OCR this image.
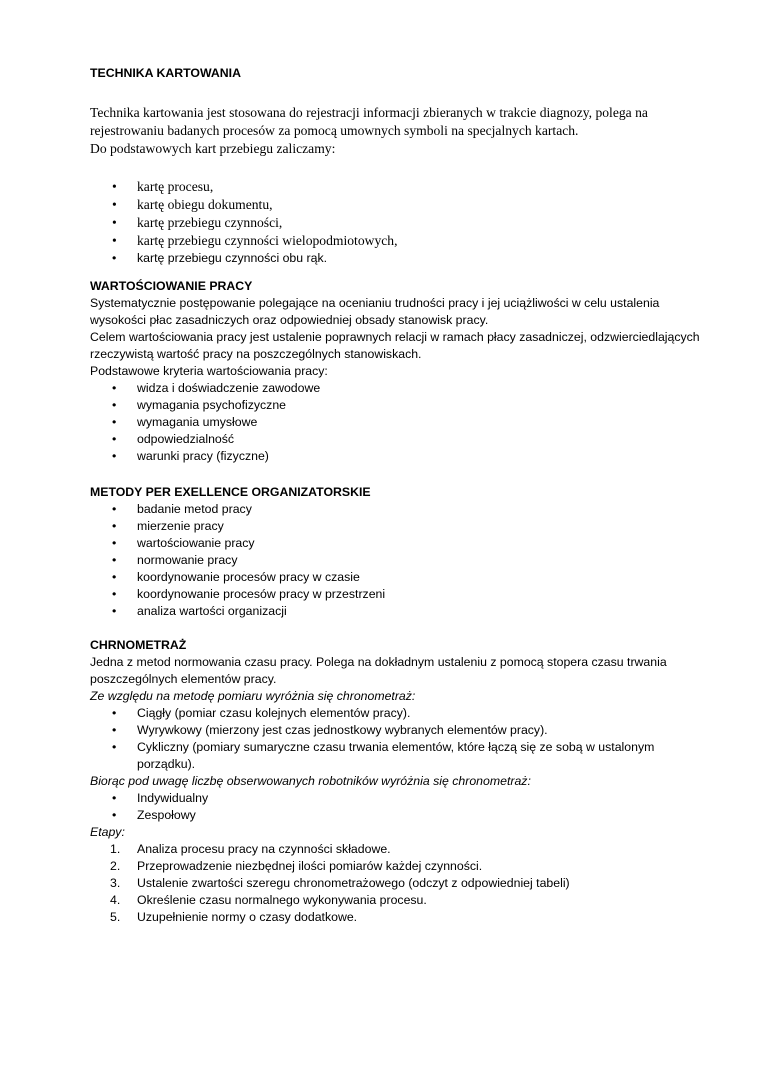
TECHNIKA KARTOWANIA

Technika kartowania jest stosowana do rejestracji informacji zbieranych w trakcie diagnozy, polega na rejestrowaniu badanych procesów za pomocą umownych symboli na specjalnych kartach.

Do podstawowych kart przebiegu zaliczamy:

• kartę procesu,
• kartę obiegu dokumentu,
• kartę przebiegu czynności,
• kartę przebiegu czynności wielopodmiotowych,
• kartę przebiegu czynności obu rąk.
WARTOŚCIOWANIE PRACY

Systematycznie postępowanie polegające na ocenianiu trudności pracy i jej uciążliwości w celu ustalenia wysokości płac zasadniczych oraz odpowiedniej obsady stanowisk pracy.

Celem wartościowania pracy jest ustalenie poprawnych relacji w ramach płacy zasadniczej, odzwierciedlających rzeczywistą wartość pracy na poszczególnych stanowiskach.

Podstawowe kryteria wartościowania pracy:

• widza i doświadczenie zawodowe
• wymagania psychofizyczne
• wymagania umysłowe
• odpowiedzialność
• warunki pracy (fizyczne)
METODY PER EXELLENCE ORGANIZATORSKIE
• badanie metod pracy
• mierzenie pracy
• wartościowanie pracy
• normowanie pracy
• koordynowanie procesów pracy w czasie
• koordynowanie procesów pracy w przestrzeni
• analiza wartości organizacji
CHRNOMETRAŻ

Jedna z metod normowania czasu pracy. Polega na dokładnym ustaleniu z pomocą stopera czasu trwania poszczególnych elementów pracy.

Ze względu na metodę pomiaru wyróżnia się chronometraż:

• Ciągły (pomiar czasu kolejnych elementów pracy).
• Wyrywkowy (mierzony jest czas jednostkowy wybranych elementów pracy).
• Cykliczny (pomiary sumaryczne czasu trwania elementów, które łączą się ze sobą w ustalonym porządku).

Biorąc pod uwagę liczbę obserwowanych robotników wyróżnia się chronometraż:

• Indywidualny
• Zespołowy

Etapy:

1. Analiza procesu pracy na czynności składowe.
2. Przeprowadzenie niezbędnej ilości pomiarów każdej czynności.
3. Ustalenie zwartości szeregu chronometrażowego (odczyt z odpowiedniej tabeli)
4. Określenie czasu normalnego wykonywania procesu.
5. Uzupełnienie normy o czasy dodatkowe.
